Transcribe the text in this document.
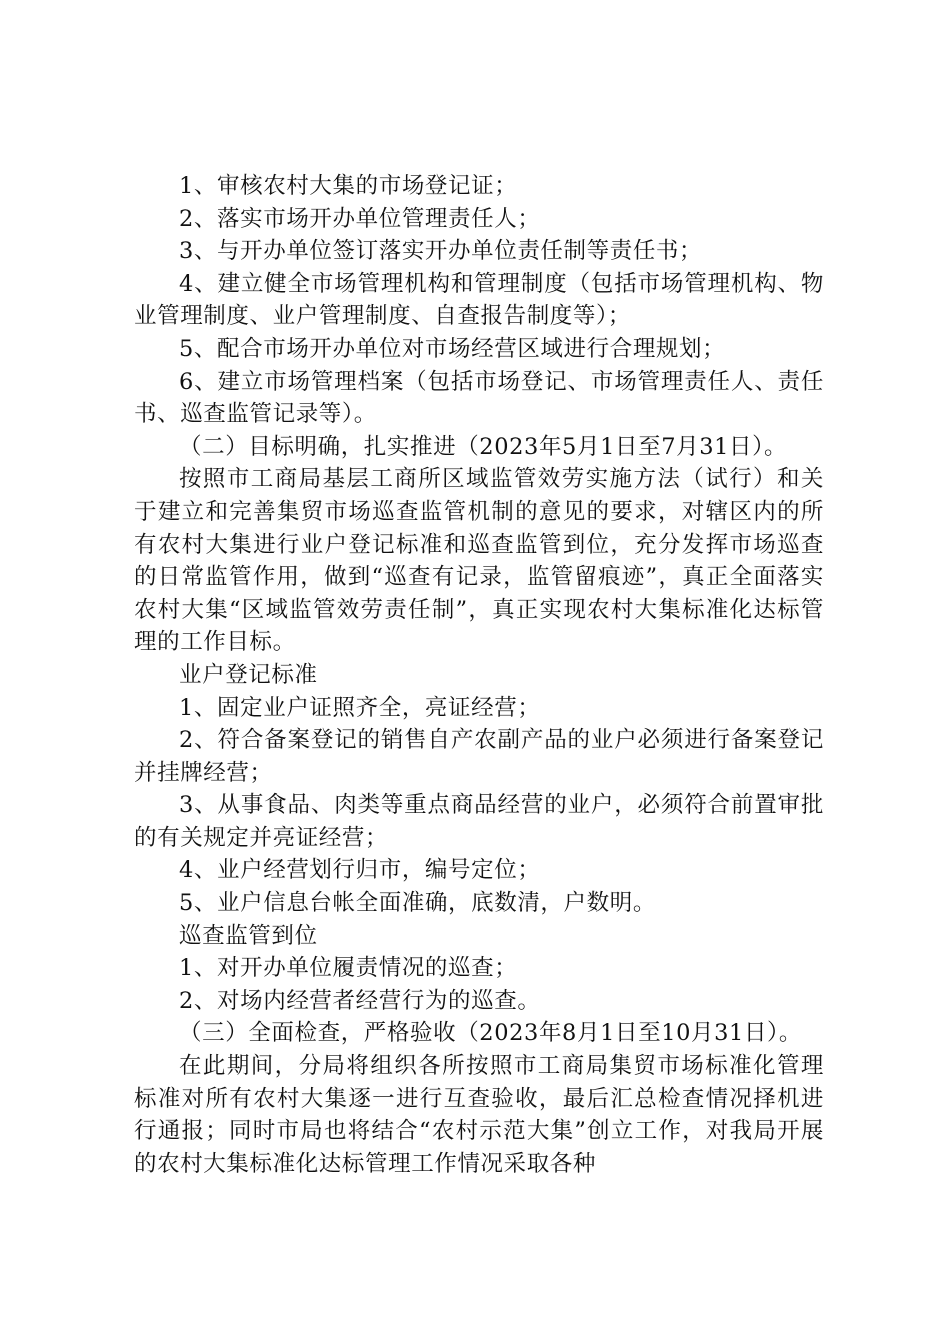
1、审核农村大集的市场登记证；

2、落实市场开办单位管理责任人；

3、与开办单位签订落实开办单位责任制等责任书；

4、建立健全市场管理机构和管理制度（包括市场管理机构、物业管理制度、业户管理制度、自查报告制度等）；

5、配合市场开办单位对市场经营区域进行合理规划；

6、建立市场管理档案（包括市场登记、市场管理责任人、责任书、巡查监管记录等）。

（二）目标明确，扎实推进（2023年5月1日至7月31日）。

按照市工商局基层工商所区域监管效劳实施方法（试行）和关于建立和完善集贸市场巡查监管机制的意见的要求，对辖区内的所有农村大集进行业户登记标准和巡查监管到位，充分发挥市场巡查的日常监管作用，做到“巡查有记录，监管留痕迹”，真正全面落实农村大集“区域监管效劳责任制”，真正实现农村大集标准化达标管理的工作目标。

业户登记标准

1、固定业户证照齐全，亮证经营；

2、符合备案登记的销售自产农副产品的业户必须进行备案登记并挂牌经营；

3、从事食品、肉类等重点商品经营的业户，必须符合前置审批的有关规定并亮证经营；

4、业户经营划行归市，编号定位；

5、业户信息台帐全面准确，底数清，户数明。

巡查监管到位

1、对开办单位履责情况的巡查；

2、对场内经营者经营行为的巡查。

（三）全面检查，严格验收（2023年8月1日至10月31日）。

在此期间，分局将组织各所按照市工商局集贸市场标准化管理标准对所有农村大集逐一进行互查验收，最后汇总检查情况择机进行通报；同时市局也将结合“农村示范大集”创立工作，对我局开展的农村大集标准化达标管理工作情况采取各种
